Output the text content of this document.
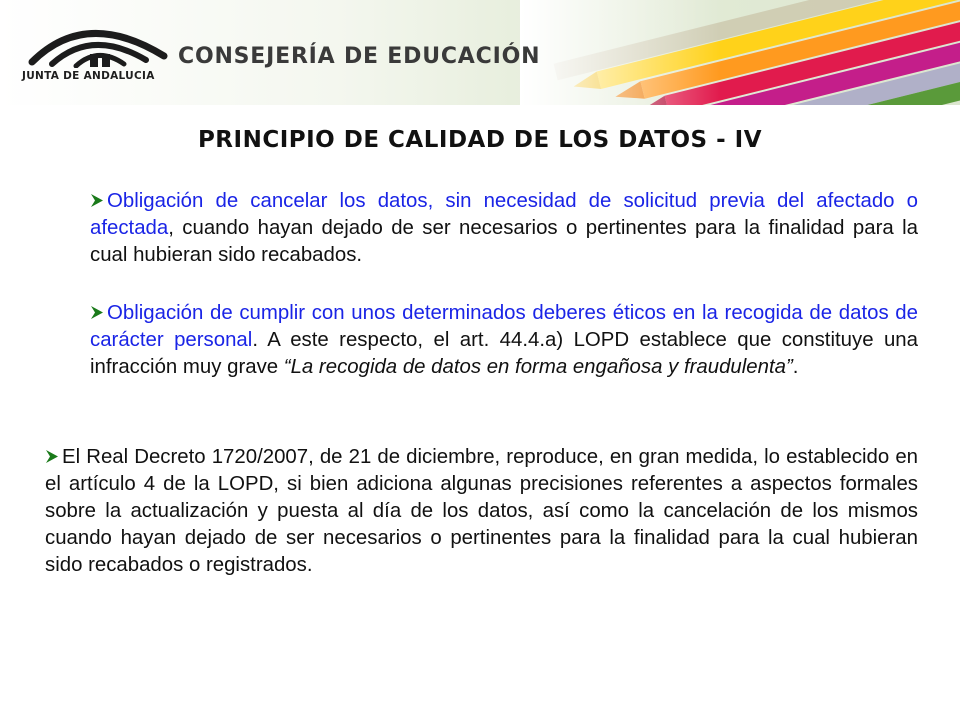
JUNTA DE ANDALUCIA
CONSEJERÍA DE EDUCACIÓN
PRINCIPIO DE CALIDAD DE LOS DATOS - IV

Obligación de cancelar los datos, sin necesidad de solicitud previa del afectado o afectada, cuando hayan dejado de ser necesarios o pertinentes para la finalidad para la cual hubieran sido recabados.

Obligación de cumplir con unos determinados deberes éticos en la recogida de datos de carácter personal. A este respecto, el art. 44.4.a) LOPD establece que constituye una infracción muy grave “La recogida de datos en forma engañosa y fraudulenta”.

El Real Decreto 1720/2007, de 21 de diciembre, reproduce, en gran medida, lo establecido en el artículo 4 de la LOPD, si bien adiciona algunas precisiones referentes a aspectos formales sobre la actualización y puesta al día de los datos, así como la cancelación de los mismos cuando hayan dejado de ser necesarios o pertinentes para la finalidad para la cual hubieran sido recabados o registrados.
